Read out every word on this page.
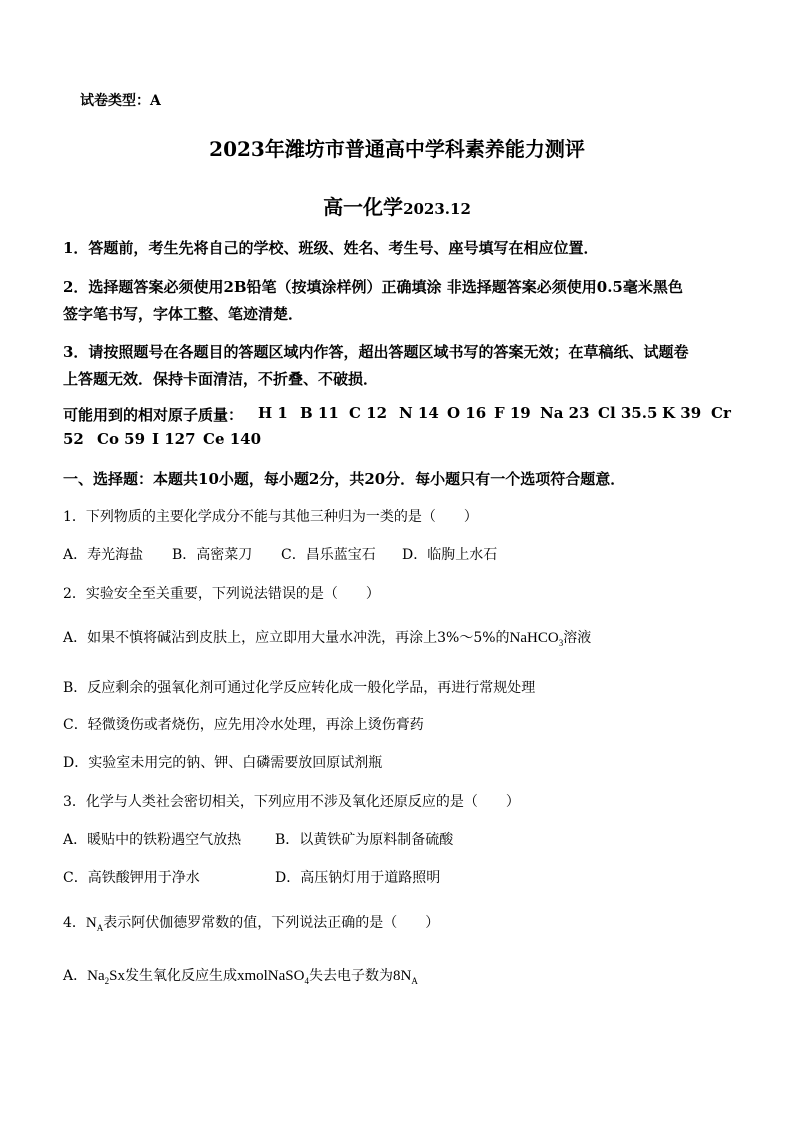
试卷类型：A
2023年潍坊市普通高中学科素养能力测评
高一化学2023.12
1．答题前，考生先将自己的学校、班级、姓名、考生号、座号填写在相应位置．
2．选择题答案必须使用2B铅笔（按填涂样例）正确填涂 非选择题答案必须使用0.5毫米黑色
签字笔书写，字体工整、笔迹清楚．
3．请按照题号在各题目的答题区域内作答，超出答题区域书写的答案无效；在草稿纸、试题卷
上答题无效．保持卡面清洁，不折叠、不破损．
可能用到的相对原子质量： H 1 B 11 C 12 N 14 O 16 F 19 Na 23 Cl 35.5 K 39 Cr
52 Co 59 I 127 Ce 140
一、选择题：本题共10小题，每小题2分，共20分．每小题只有一个选项符合题意．
1．下列物质的主要化学成分不能与其他三种归为一类的是（　　）
A．寿光海盐 B．高密菜刀 C．昌乐蓝宝石 D．临朐上水石
2．实验安全至关重要，下列说法错误的是（　　）
A．如果不慎将碱沾到皮肤上，应立即用大量水冲洗，再涂上3%～5%的NaHCO$_3$溶液
B．反应剩余的强氧化剂可通过化学反应转化成一般化学品，再进行常规处理
C．轻微烫伤或者烧伤，应先用冷水处理，再涂上烫伤膏药
D．实验室未用完的钠、钾、白磷需要放回原试剂瓶
3．化学与人类社会密切相关，下列应用不涉及氧化还原反应的是（　　）
A．暖贴中的铁粉遇空气放热 B．以黄铁矿为原料制备硫酸
C．高铁酸钾用于净水	D．高压钠灯用于道路照明
4．$N_A$表示阿伏伽德罗常数的值，下列说法正确的是（　　）
A．$Na_2Sx$发生氧化反应生成xmolNaSO$_4$失去电子数为$8N_A$
